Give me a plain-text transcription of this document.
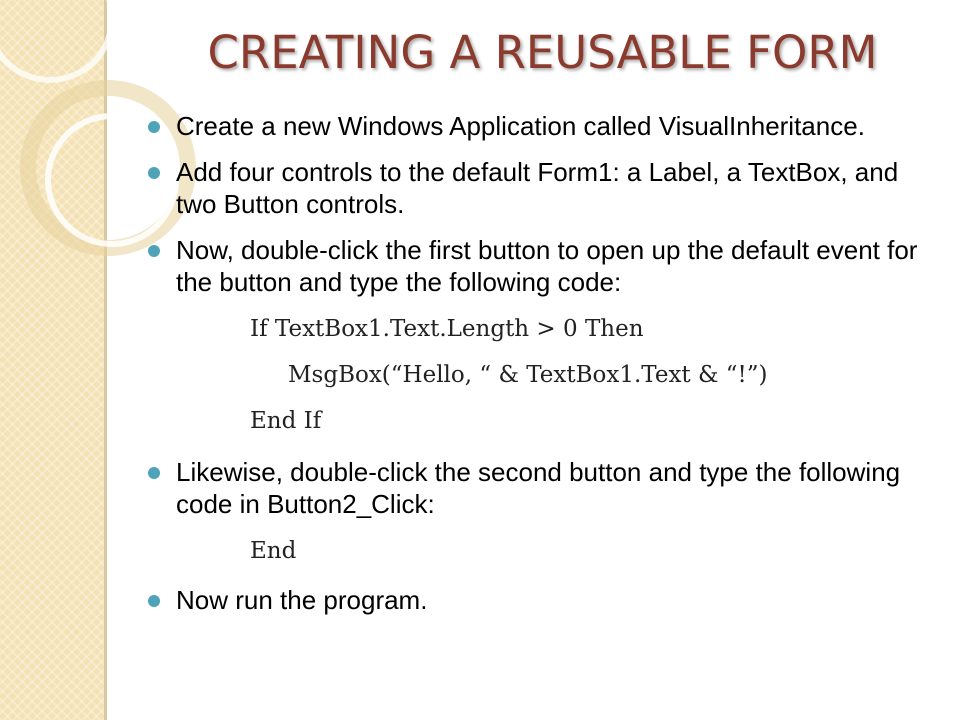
CREATING A REUSABLE FORM
Create a new Windows Application called VisualInheritance.
Add four controls to the default Form1: a Label, a TextBox, and two Button controls.
Now, double-click the first button to open up the default event for the button and type the following code:
If TextBox1.Text.Length > 0 Then
MsgBox(“Hello, “ & TextBox1.Text & “!”)
End If
Likewise, double-click the second button and type the following code in Button2_Click:
End
Now run the program.
